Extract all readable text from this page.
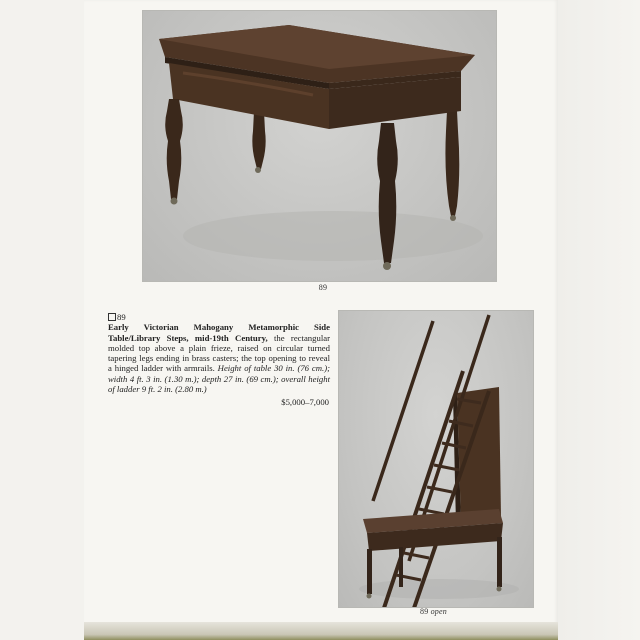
89
89
Early Victorian Mahogany Metamorphic Side Table/Library Steps, mid-19th Century, the rectangular molded top above a plain frieze, raised on circular turned tapering legs ending in brass casters; the top opening to reveal a hinged ladder with armrails. Height of table 30 in. (76 cm.); width 4 ft. 3 in. (1.30 m.); depth 27 in. (69 cm.); overall height of ladder 9 ft. 2 in. (2.80 m.)
$5,000–7,000
89 open
